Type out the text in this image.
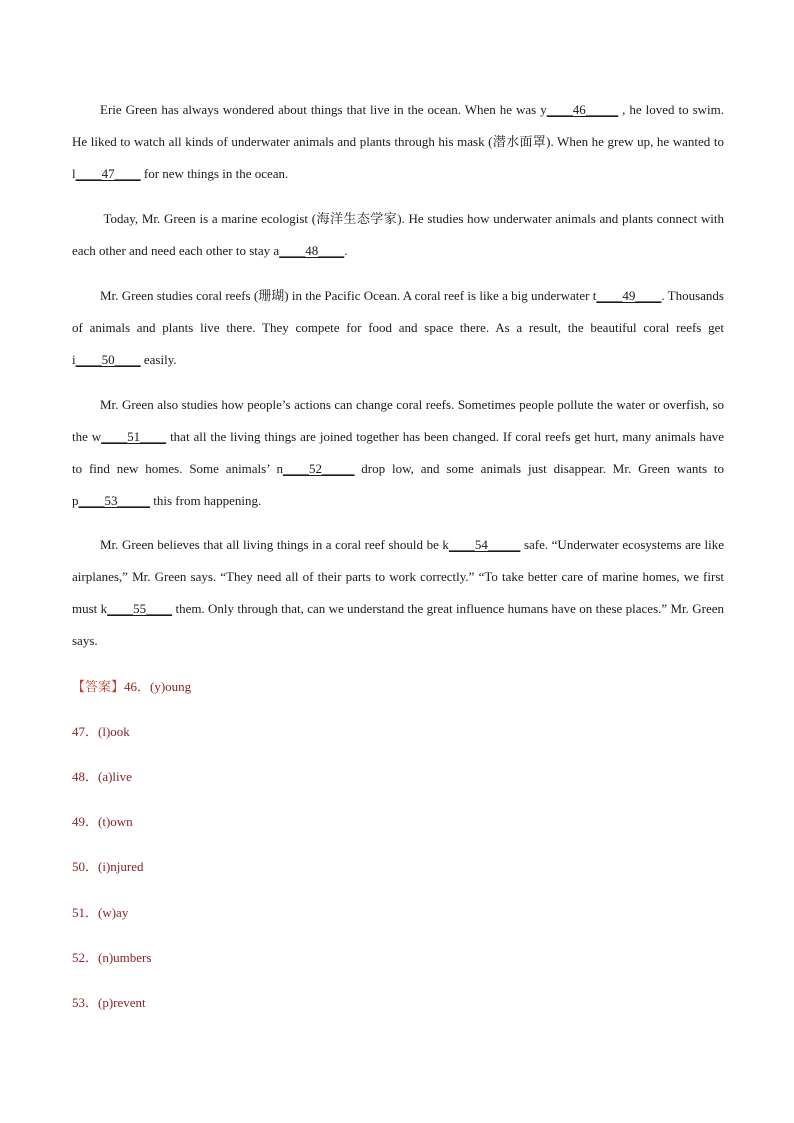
Erie Green has always wondered about things that live in the ocean. When he was y____46_____ , he loved to swim. He liked to watch all kinds of underwater animals and plants through his mask (潜水面罩). When he grew up, he wanted to l____47____ for new things in the ocean.

Today, Mr. Green is a marine ecologist (海洋生态学家). He studies how underwater animals and plants connect with each other and need each other to stay a____48____.

Mr. Green studies coral reefs (珊瑚) in the Pacific Ocean. A coral reef is like a big underwater t____49____. Thousands of animals and plants live there. They compete for food and space there. As a result, the beautiful coral reefs get i____50____ easily.

Mr. Green also studies how people’s actions can change coral reefs. Sometimes people pollute the water or overfish, so the w____51____ that all the living things are joined together has been changed. If coral reefs get hurt, many animals have to find new homes. Some animals’ n____52_____ drop low, and some animals just disappear. Mr. Green wants to p____53_____ this from happening.

Mr. Green believes that all living things in a coral reef should be k____54_____ safe. “Underwater ecosystems are like airplanes,” Mr. Green says. “They need all of their parts to work correctly.” “To take better care of marine homes, we first must k____55____ them. Only through that, can we understand the great influence humans have on these places.” Mr. Green says.

【答案】46．(y)oung

47．(l)ook

48．(a)live

49．(t)own

50．(i)njured

51．(w)ay

52．(n)umbers

53．(p)revent
